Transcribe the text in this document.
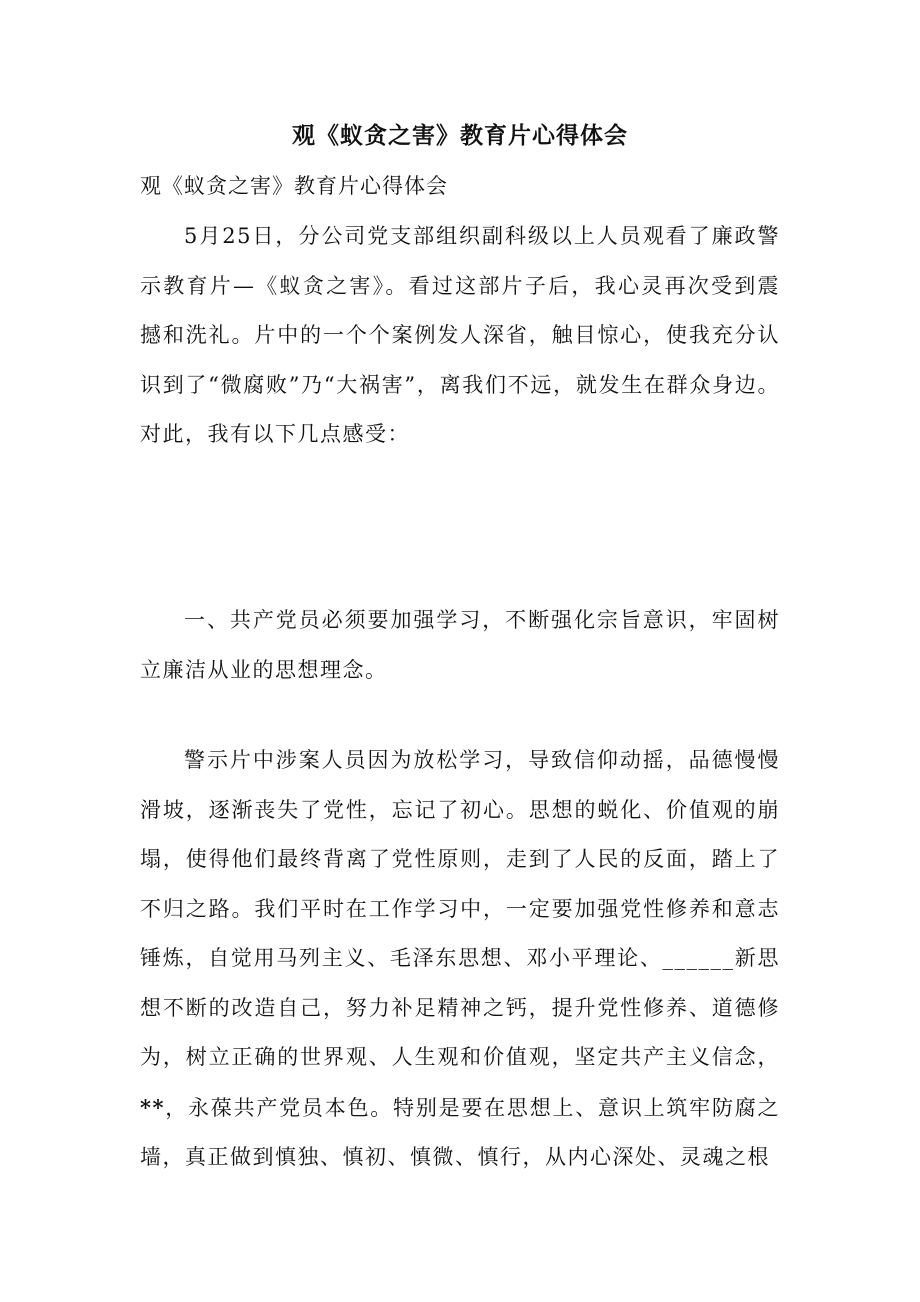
观《蚁贪之害》教育片心得体会
观《蚁贪之害》教育片心得体会

5月25日，分公司党支部组织副科级以上人员观看了廉政警示教育片—《蚁贪之害》。看过这部片子后，我心灵再次受到震撼和洗礼。片中的一个个案例发人深省，触目惊心，使我充分认识到了“微腐败”乃“大祸害”，离我们不远，就发生在群众身边。对此，我有以下几点感受：

一、共产党员必须要加强学习，不断强化宗旨意识，牢固树立廉洁从业的思想理念。

警示片中涉案人员因为放松学习，导致信仰动摇，品德慢慢滑坡，逐渐丧失了党性，忘记了初心。思想的蜕化、价值观的崩塌，使得他们最终背离了党性原则，走到了人民的反面，踏上了不归之路。我们平时在工作学习中，一定要加强党性修养和意志锤炼，自觉用马列主义、毛泽东思想、邓小平理论、______新思想不断的改造自己，努力补足精神之钙，提升党性修养、道德修为，树立正确的世界观、人生观和价值观，坚定共产主义信念，**，永葆共产党员本色。特别是要在思想上、意识上筑牢防腐之墙，真正做到慎独、慎初、慎微、慎行，从内心深处、灵魂之根
